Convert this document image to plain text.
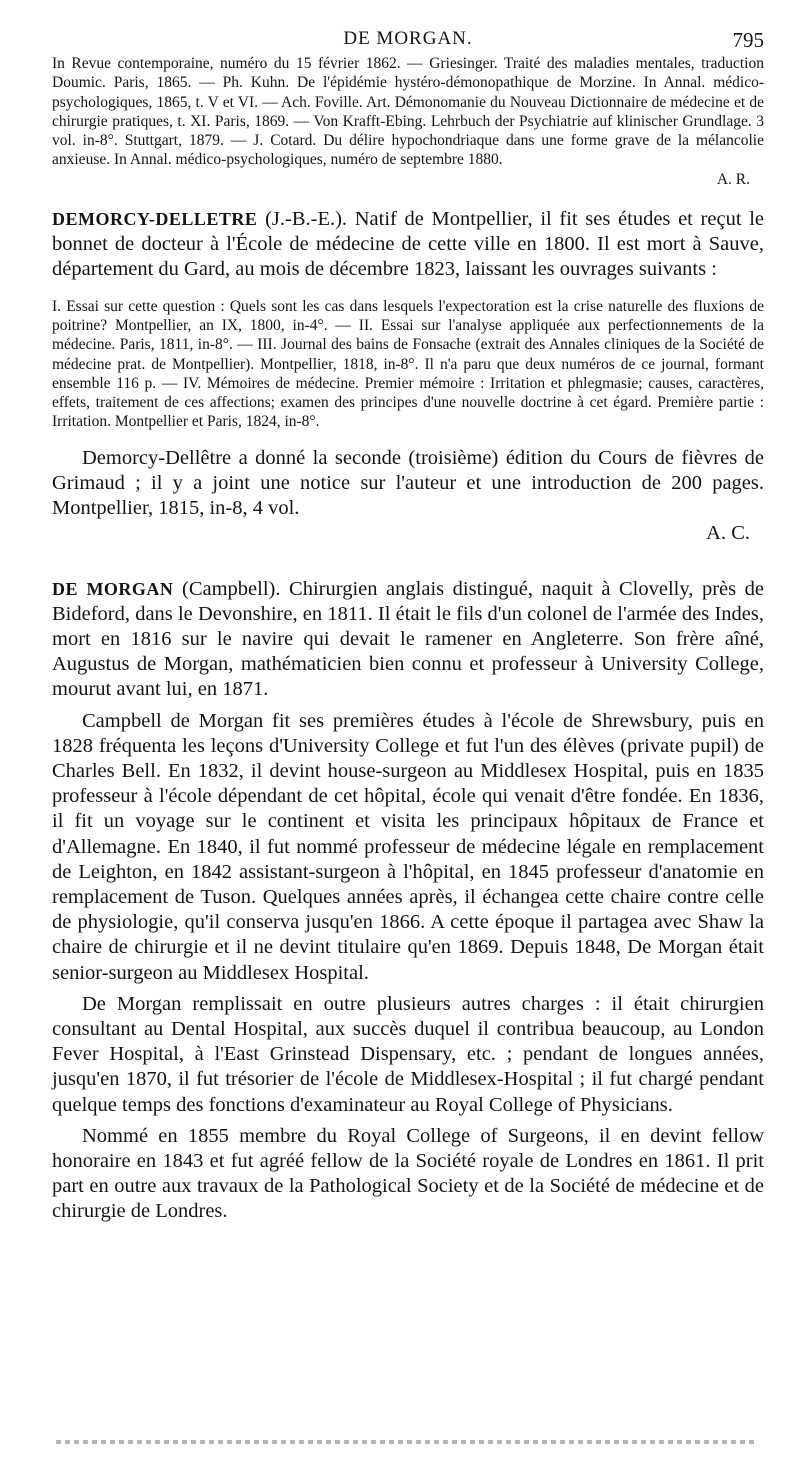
DE MORGAN.	795

In Revue contemporaine, numéro du 15 février 1862. — Griesinger. Traité des maladies mentales, traduction Doumic. Paris, 1865. — Ph. Kuhn. De l'épidémie hystéro-démonopathique de Morzine. In Annal. médico-psychologiques, 1865, t. V et VI. — Ach. Foville. Art. Démonomanie du Nouveau Dictionnaire de médecine et de chirurgie pratiques, t. XI. Paris, 1869. — Von Krafft-Ebing. Lehrbuch der Psychiatrie auf klinischer Grundlage. 3 vol. in-8°. Stuttgart, 1879. — J. Cotard. Du délire hypochondriaque dans une forme grave de la mélancolie anxieuse. In Annal. médico-psychologiques, numéro de septembre 1880.
A. R.

DEMORCY-DELLETRE (J.-B.-E.). Natif de Montpellier, il fit ses études et reçut le bonnet de docteur à l'École de médecine de cette ville en 1800. Il est mort à Sauve, département du Gard, au mois de décembre 1823, laissant les ouvrages suivants :

I. Essai sur cette question : Quels sont les cas dans lesquels l'expectoration est la crise naturelle des fluxions de poitrine? Montpellier, an IX, 1800, in-4°. — II. Essai sur l'analyse appliquée aux perfectionnements de la médecine. Paris, 1811, in-8°. — III. Journal des bains de Fonsache (extrait des Annales cliniques de la Société de médecine prat. de Montpellier). Montpellier, 1818, in-8°. Il n'a paru que deux numéros de ce journal, formant ensemble 116 p. — IV. Mémoires de médecine. Premier mémoire : Irritation et phlegmasie; causes, caractères, effets, traitement de ces affections; examen des principes d'une nouvelle doctrine à cet égard. Première partie : Irritation. Montpellier et Paris, 1824, in-8°.

Demorcy-Dellêtre a donné la seconde (troisième) édition du Cours de fièvres de Grimaud ; il y a joint une notice sur l'auteur et une introduction de 200 pages. Montpellier, 1815, in-8, 4 vol.
A. C.

DE MORGAN (Campbell). Chirurgien anglais distingué, naquit à Clovelly, près de Bideford, dans le Devonshire, en 1811. Il était le fils d'un colonel de l'armée des Indes, mort en 1816 sur le navire qui devait le ramener en Angleterre. Son frère aîné, Augustus de Morgan, mathématicien bien connu et professeur à University College, mourut avant lui, en 1871.

Campbell de Morgan fit ses premières études à l'école de Shrewsbury, puis en 1828 fréquenta les leçons d'University College et fut l'un des élèves (private pupil) de Charles Bell. En 1832, il devint house-surgeon au Middlesex Hospital, puis en 1835 professeur à l'école dépendant de cet hôpital, école qui venait d'être fondée. En 1836, il fit un voyage sur le continent et visita les principaux hôpitaux de France et d'Allemagne. En 1840, il fut nommé professeur de médecine légale en remplacement de Leighton, en 1842 assistant-surgeon à l'hôpital, en 1845 professeur d'anatomie en remplacement de Tuson. Quelques années après, il échangea cette chaire contre celle de physiologie, qu'il conserva jusqu'en 1866. A cette époque il partagea avec Shaw la chaire de chirurgie et il ne devint titulaire qu'en 1869. Depuis 1848, De Morgan était senior-surgeon au Middlesex Hospital.

De Morgan remplissait en outre plusieurs autres charges : il était chirurgien consultant au Dental Hospital, aux succès duquel il contribua beaucoup, au London Fever Hospital, à l'East Grinstead Dispensary, etc. ; pendant de longues années, jusqu'en 1870, il fut trésorier de l'école de Middlesex-Hospital ; il fut chargé pendant quelque temps des fonctions d'examinateur au Royal College of Physicians.

Nommé en 1855 membre du Royal College of Surgeons, il en devint fellow honoraire en 1843 et fut agréé fellow de la Société royale de Londres en 1861. Il prit part en outre aux travaux de la Pathological Society et de la Société de médecine et de chirurgie de Londres.
